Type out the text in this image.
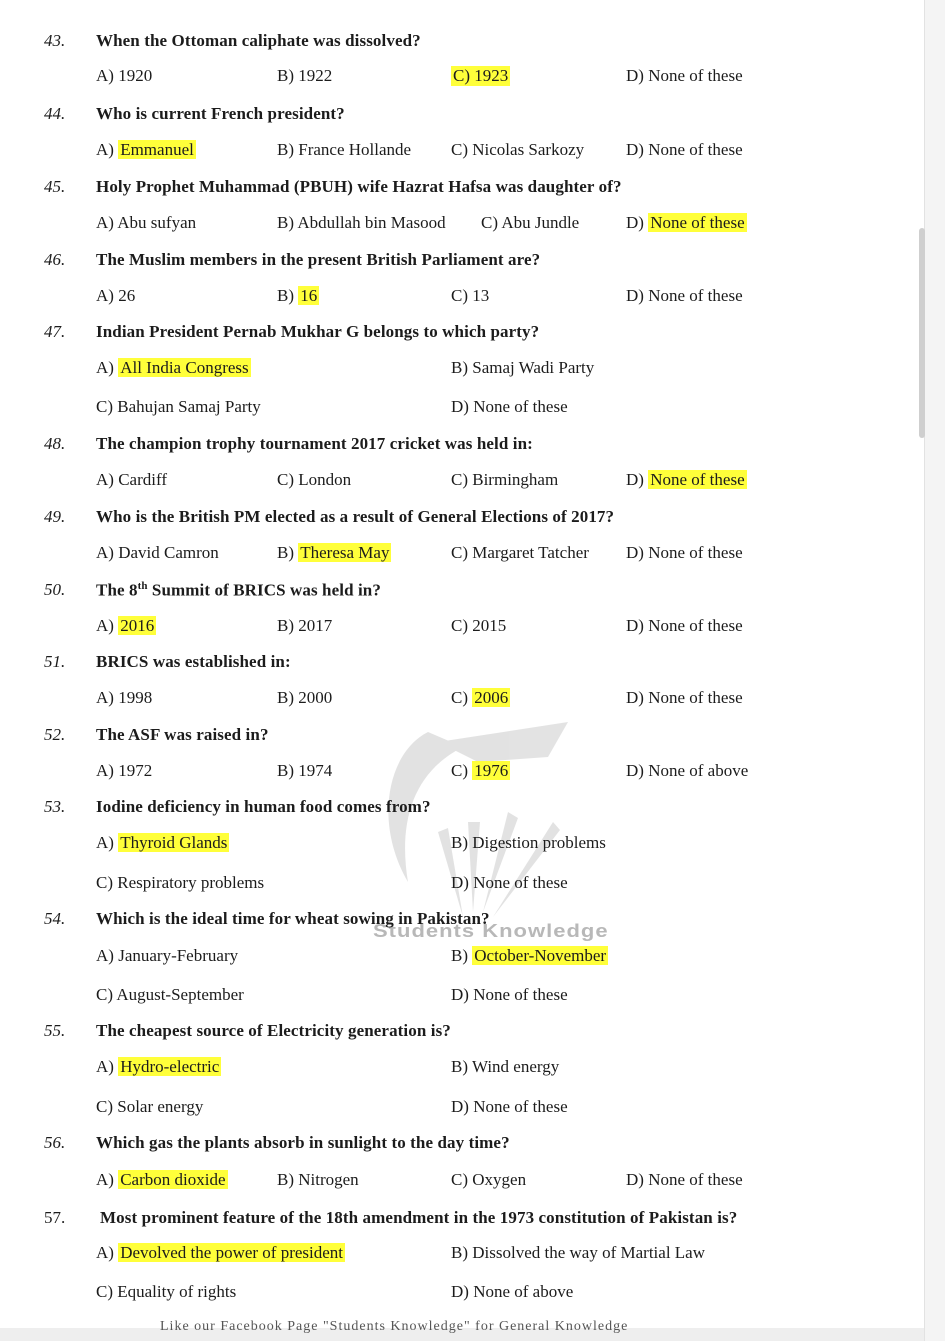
Students Knowledge
43. When the Ottoman caliphate was dissolved?
A) 1920	B) 1922	C) 1923	D) None of these
44. Who is current French president?
A) Emmanuel	B) France Hollande C) Nicolas Sarkozy D) None of these
45. Holy Prophet Muhammad (PBUH) wife Hazrat Hafsa was daughter of?
A) Abu sufyan	B) Abdullah bin Masood C) Abu Jundle	D) None of these
46. The Muslim members in the present British Parliament are?
A) 26	B) 16	C) 13	D) None of these
47. Indian President Pernab Mukhar G belongs to which party?
A) All India Congress	B) Samaj Wadi Party
C) Bahujan Samaj Party	D) None of these
48. The champion trophy tournament 2017 cricket was held in:
A) Cardiff	C) London	C) Birmingham	D) None of these
49. Who is the British PM elected as a result of General Elections of 2017?
A) David Camron	B) Theresa May	C) Margaret Tatcher D) None of these
50. The 8th Summit of BRICS was held in?
A) 2016	B) 2017	C) 2015	D) None of these
51. BRICS was established in:
A) 1998	B) 2000	C) 2006	D) None of these
52. The ASF was raised in?
A) 1972	B) 1974	C) 1976	D) None of above
53. Iodine deficiency in human food comes from?
A) Thyroid Glands	B) Digestion problems
C) Respiratory problems	D) None of these
54. Which is the ideal time for wheat sowing in Pakistan?
A) January-February	B) October-November
C) August-September	D) None of these
55. The cheapest source of Electricity generation is?
A) Hydro-electric	B) Wind energy
C) Solar energy	D) None of these
56. Which gas the plants absorb in sunlight to the day time?
A) Carbon dioxide	B) Nitrogen	C) Oxygen	D) None of these
57. Most prominent feature of the 18th amendment in the 1973 constitution of Pakistan is?
A) Devolved the power of president	B) Dissolved the way of Martial Law
C) Equality of rights	D) None of above
Like our Facebook Page "Students Knowledge" for General Knowledge
